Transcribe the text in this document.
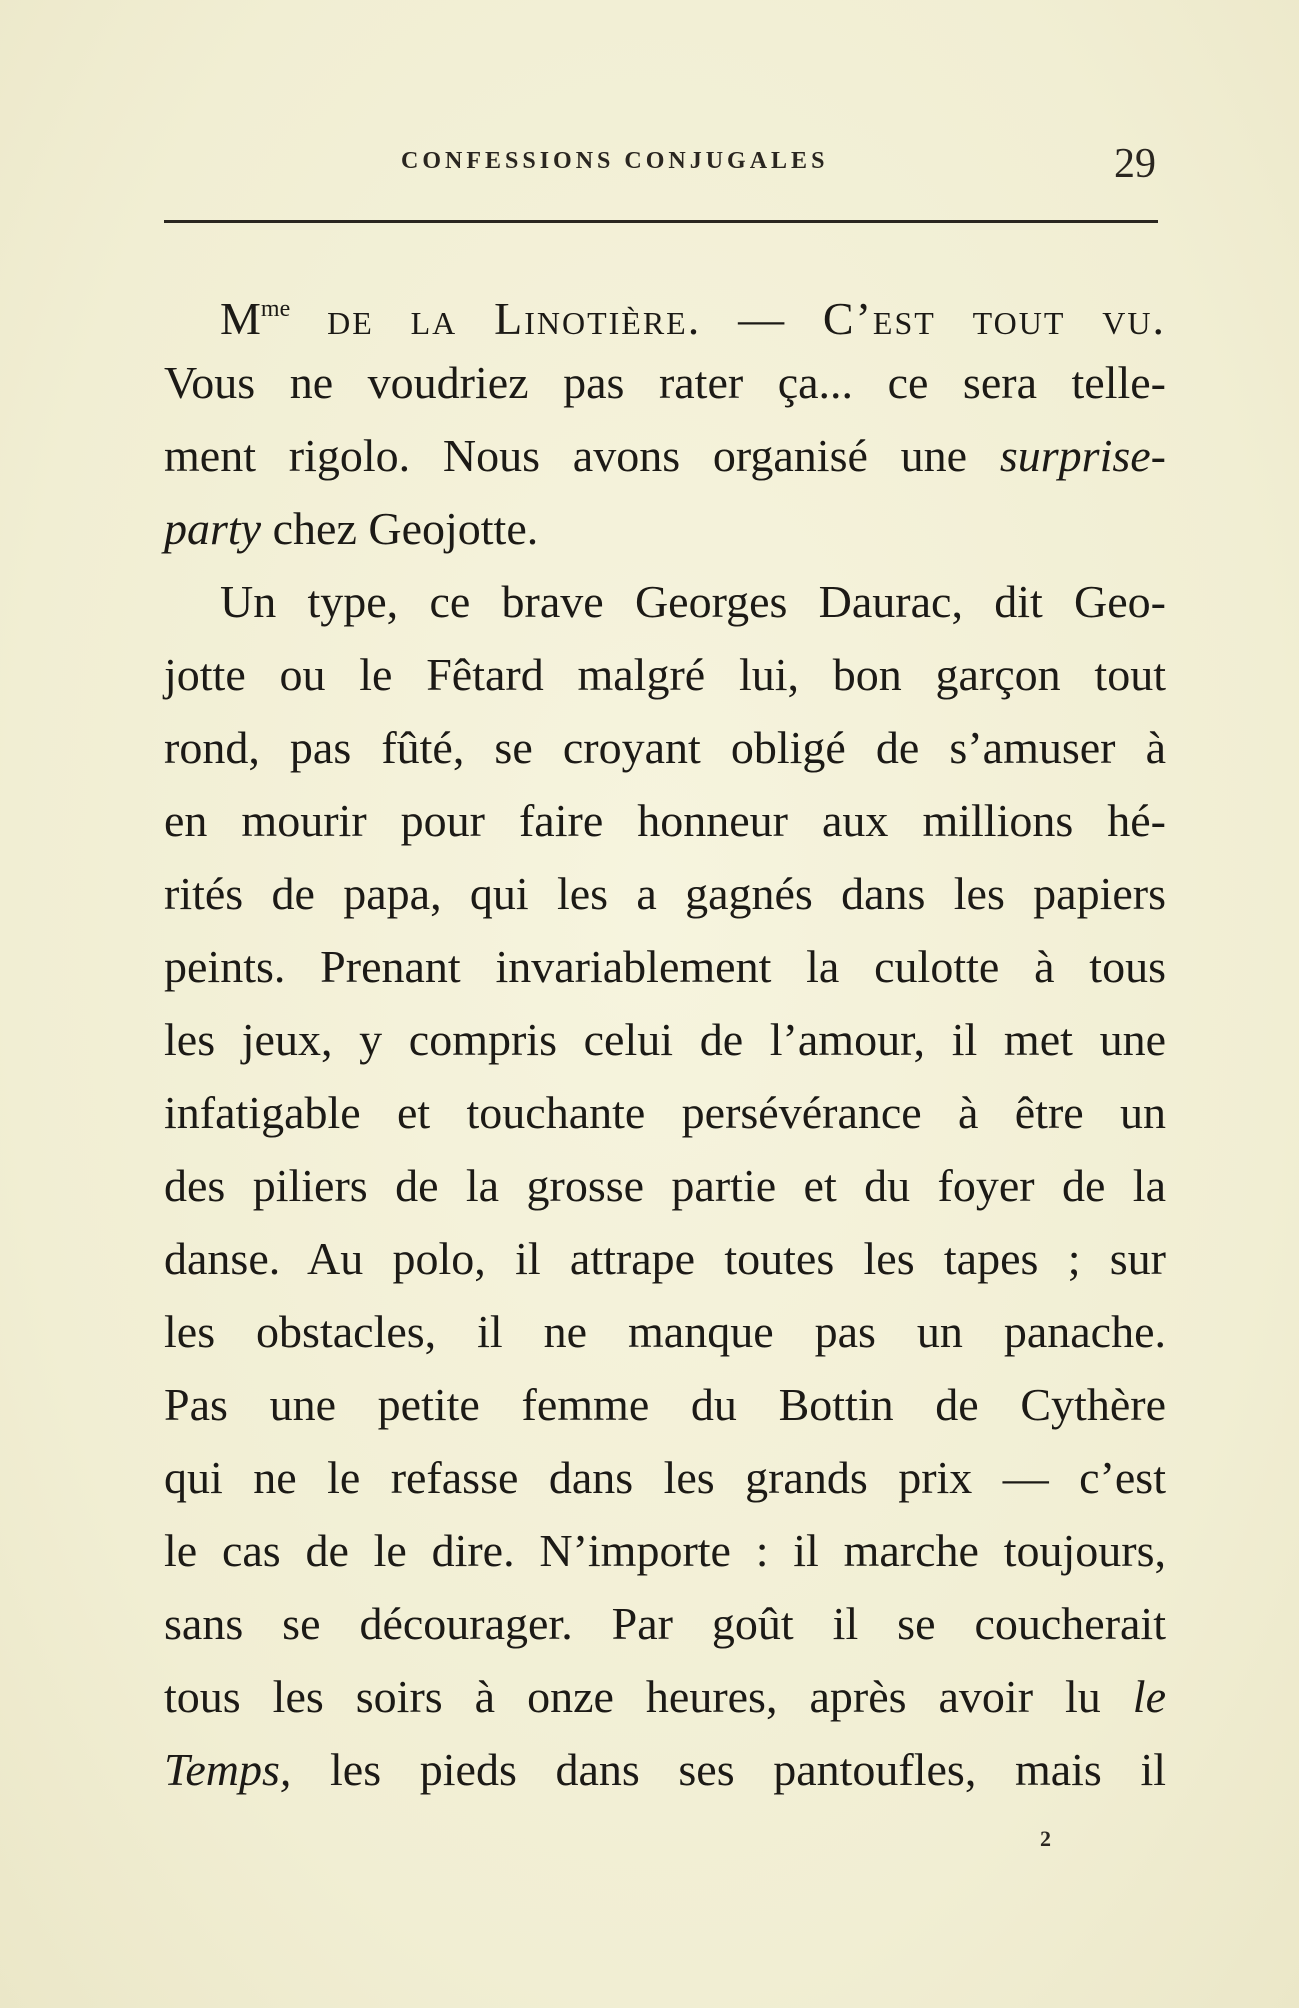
CONFESSIONS CONJUGALES	29
$M^{me}$ de la Linotière. — C’est tout vu.
Vous ne voudriez pas rater ça... ce sera telle-
ment rigolo. Nous avons organisé une surprise-
party chez Geojotte.
Un type, ce brave Georges Daurac, dit Geo-
jotte ou le Fêtard malgré lui, bon garçon tout
rond, pas fûté, se croyant obligé de s’amuser à
en mourir pour faire honneur aux millions hé-
rités de papa, qui les a gagnés dans les papiers
peints. Prenant invariablement la culotte à tous
les jeux, y compris celui de l’amour, il met une
infatigable et touchante persévérance à être un
des piliers de la grosse partie et du foyer de la
danse. Au polo, il attrape toutes les tapes ; sur
les obstacles, il ne manque pas un panache.
Pas une petite femme du Bottin de Cythère
qui ne le refasse dans les grands prix — c’est
le cas de le dire. N’importe : il marche toujours,
sans se décourager. Par goût il se coucherait
tous les soirs à onze heures, après avoir lu le
Temps, les pieds dans ses pantoufles, mais il
2
